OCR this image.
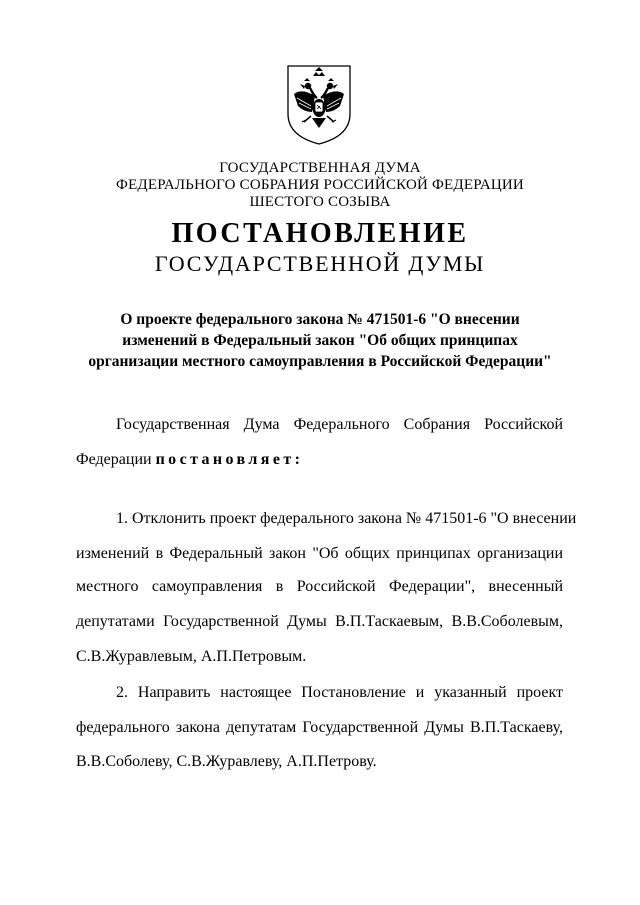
ГОСУДАРСТВЕННАЯ ДУМА
ФЕДЕРАЛЬНОГО СОБРАНИЯ РОССИЙСКОЙ ФЕДЕРАЦИИ
ШЕСТОГО СОЗЫВА
ПОСТАНОВЛЕНИЕ
ГОСУДАРСТВЕННОЙ ДУМЫ
О проекте федерального закона № 471501-6 "О внесении
изменений в Федеральный закон "Об общих принципах
организации местного самоуправления в Российской Федерации"
Государственная Дума Федерального Собрания Российской
Федерации постановляет:
1. Отклонить проект федерального закона № 471501-6 "О внесении
изменений в Федеральный закон "Об общих принципах организации
местного самоуправления в Российской Федерации", внесенный
депутатами Государственной Думы В.П.Таскаевым, В.В.Соболевым,
С.В.Журавлевым, А.П.Петровым.
2. Направить настоящее Постановление и указанный проект
федерального закона депутатам Государственной Думы В.П.Таскаеву,
В.В.Соболеву, С.В.Журавлеву, А.П.Петрову.
